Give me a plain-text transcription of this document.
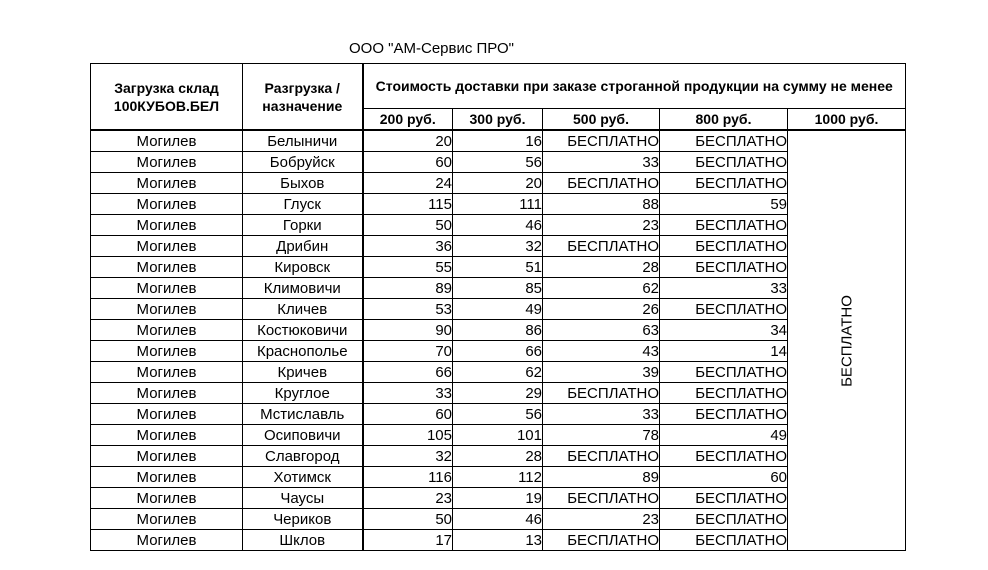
ООО "АМ-Сервис ПРО"
Загрузка склад 100КУБОВ.БЕЛ	Разгрузка / назначение	Стоимость доставки при заказе строганной продукции на сумму не менее				
		200 руб.	300 руб.	500 руб.	800 руб.	1000 руб.
Могилев	Белыничи	20	16	БЕСПЛАТНО	БЕСПЛАТНО	БЕСПЛАТНО

Могилев	Бобруйск	60	56	33	БЕСПЛАТНО	
Могилев	Быхов	24	20	БЕСПЛАТНО	БЕСПЛАТНО	
Могилев	Глуск	115	111	88	59	
Могилев	Горки	50	46	23	БЕСПЛАТНО	
Могилев	Дрибин	36	32	БЕСПЛАТНО	БЕСПЛАТНО	
Могилев	Кировск	55	51	28	БЕСПЛАТНО	
Могилев	Климовичи	89	85	62	33	
Могилев	Кличев	53	49	26	БЕСПЛАТНО	
Могилев	Костюковичи	90	86	63	34	
Могилев	Краснополье	70	66	43	14	
Могилев	Кричев	66	62	39	БЕСПЛАТНО	
Могилев	Круглое	33	29	БЕСПЛАТНО	БЕСПЛАТНО	
Могилев	Мстиславль	60	56	33	БЕСПЛАТНО	
Могилев	Осиповичи	105	101	78	49	
Могилев	Славгород	32	28	БЕСПЛАТНО	БЕСПЛАТНО	
Могилев	Хотимск	116	112	89	60	
Могилев	Чаусы	23	19	БЕСПЛАТНО	БЕСПЛАТНО	
Могилев	Чериков	50	46	23	БЕСПЛАТНО	
Могилев	Шклов	17	13	БЕСПЛАТНО	БЕСПЛАТНО	
